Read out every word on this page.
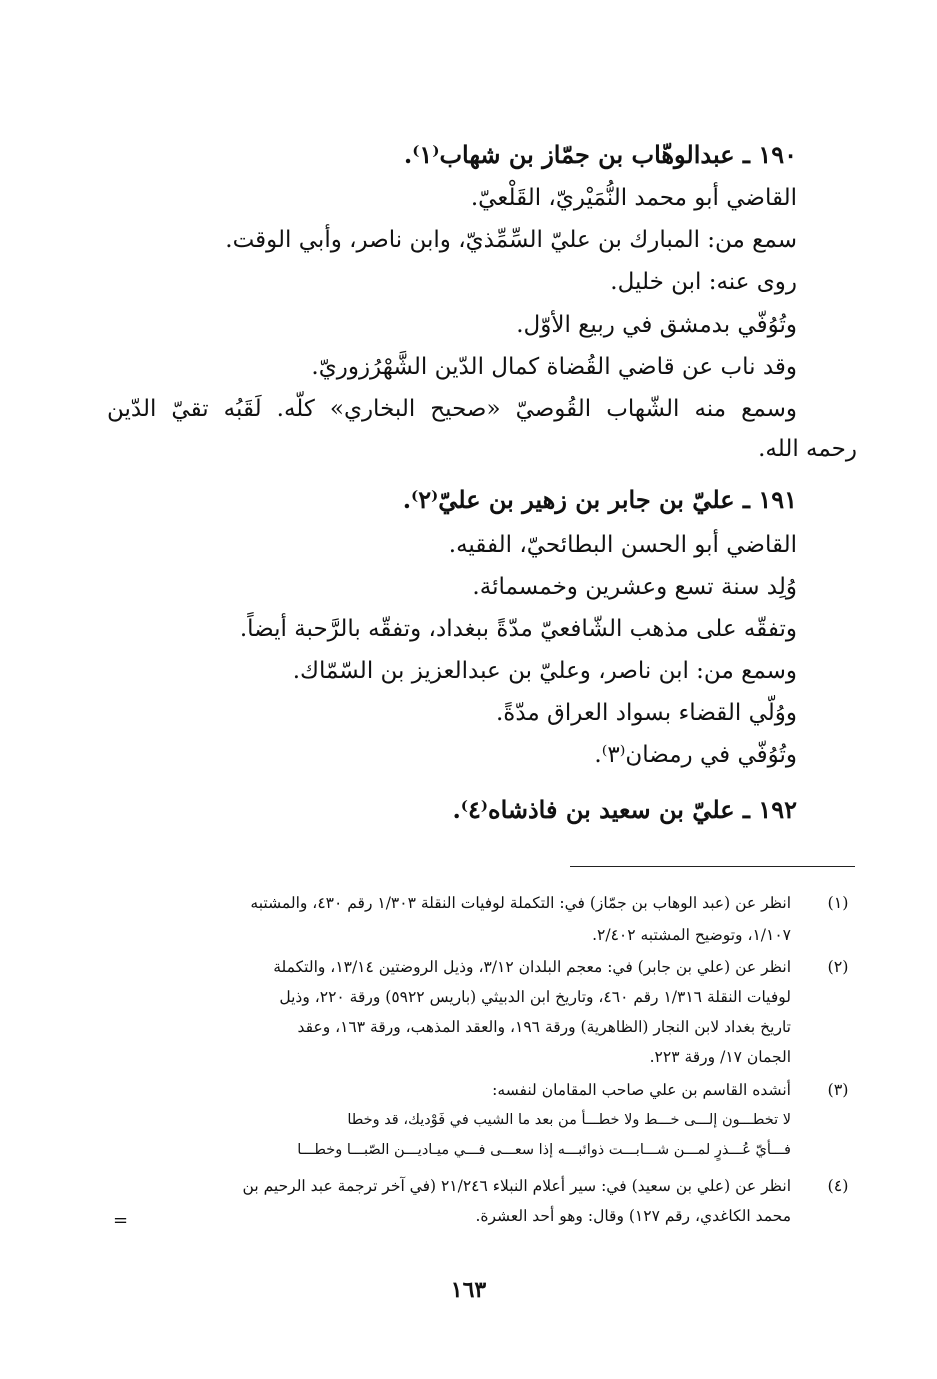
١٩٠ ـ عبدالوهّاب بن جمّاز بن شهاب⁽١⁾.
القاضي أبو محمد النُّمَيْريّ، القَلْعيّ.
سمع من: المبارك بن عليّ السِّمِّذيّ، وابن ناصر، وأبي الوقت.
روى عنه: ابن خليل.
وتُوُفّي بدمشق في ربيع الأوّل.
وقد ناب عن قاضي القُضاة كمال الدّين الشَّهْرُزوريّ.
وسمع منه الشّهاب القُوصيّ «صحيح البخاري» كلّه. لَقَبُه تقيّ الدّين
رحمه الله.
١٩١ ـ عليّ بن جابر بن زهير بن عليّ⁽٢⁾.
القاضي أبو الحسن البطائحيّ، الفقيه.
وُلِد سنة تسع وعشرين وخمسمائة.
وتفقّه على مذهب الشّافعيّ مدّةً ببغداد، وتفقّه بالرَّحبة أيضاً.
وسمع من: ابن ناصر، وعليّ بن عبدالعزيز بن السّمّاك.
ووُلّي القضاء بسواد العراق مدّةً.
وتُوُفّي في رمضان⁽٣⁾.
١٩٢ ـ عليّ بن سعيد بن فاذشاه⁽٤⁾.
(١)
انظر عن (عبد الوهاب بن جمّاز) في: التكملة لوفيات النقلة ١/٣٠٣ رقم ٤٣٠، والمشتبه
١/١٠٧، وتوضيح المشتبه ٢/٤٠٢.
(٢)
انظر عن (علي بن جابر) في: معجم البلدان ٣/١٢، وذيل الروضتين ١٣/١٤، والتكملة
لوفيات النقلة ١/٣١٦ رقم ٤٦٠، وتاريخ ابن الدبيثي (باريس ٥٩٢٢) ورقة ٢٢٠، وذيل
تاريخ بغداد لابن النجار (الظاهرية) ورقة ١٩٦، والعقد المذهب، ورقة ١٦٣، وعقد
الجمان ١٧/ ورقة ٢٢٣.
(٣)
أنشده القاسم بن علي صاحب المقامان لنفسه:
لا تخطـــون إلـــى خـــط ولا خطـــأ من بعد ما الشيب في فَوْديك، قد وخطا
فـــأيّ عُـــذرٍ لمـــن شـــابـــت ذوائبـــه إذا سعـــى فـــي ميـاديـــن الصّبـــا وخطـــا
(٤)
انظر عن (علي بن سعيد) في: سير أعلام النبلاء ٢١/٢٤٦ (في آخر ترجمة عبد الرحيم بن
محمد الكاغدي، رقم ١٢٧) وقال: وهو أحد العشرة.
=
١٦٣
